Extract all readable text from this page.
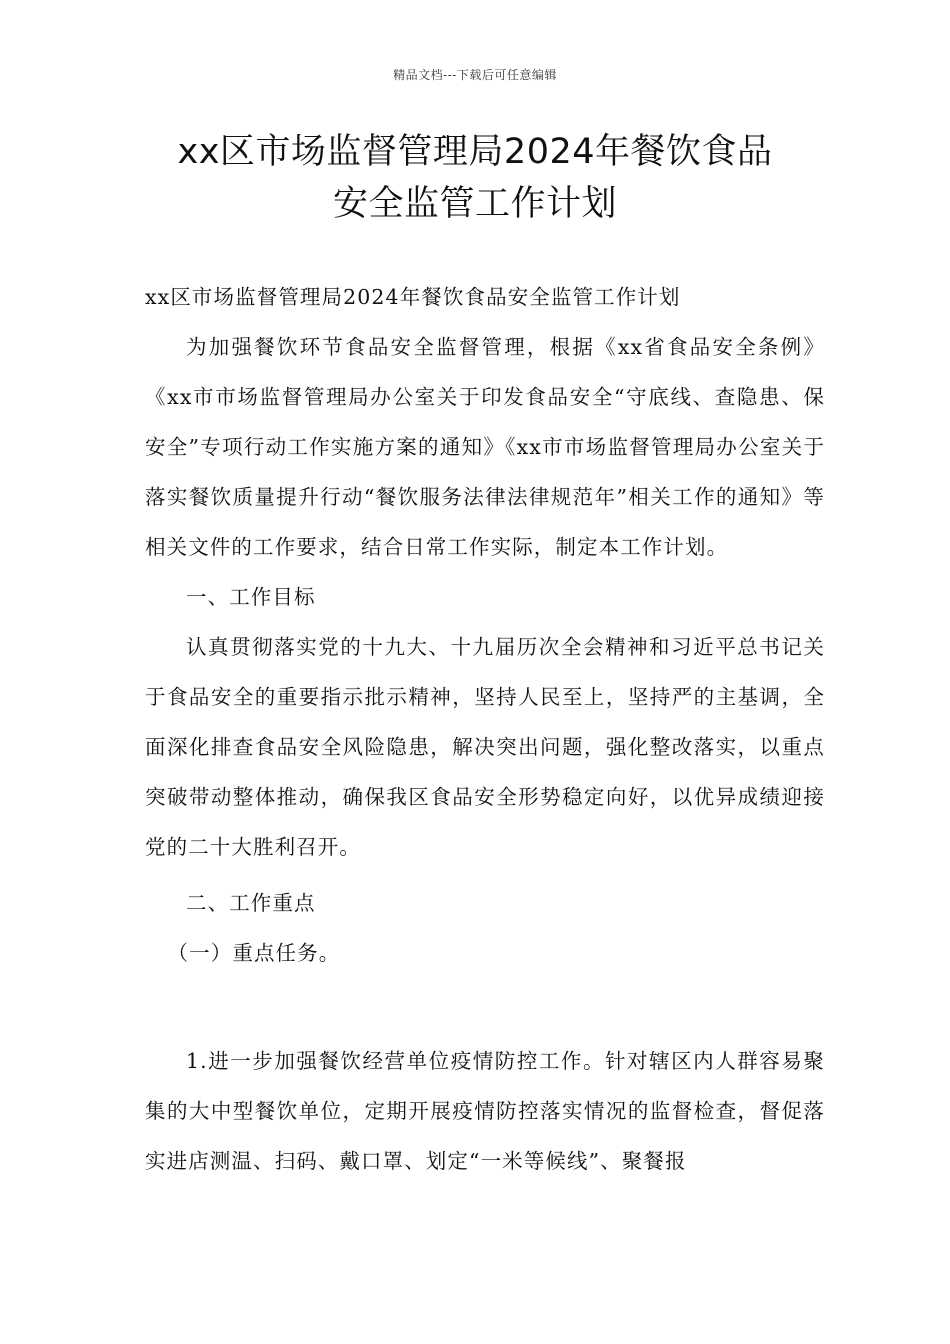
精品文档---下载后可任意编辑
xx区市场监督管理局2024年餐饮食品
安全监管工作计划

xx区市场监督管理局2024年餐饮食品安全监管工作计划

为加强餐饮环节食品安全监督管理，根据《xx省食品安全条例》《xx市市场监督管理局办公室关于印发食品安全“守底线、查隐患、保安全”专项行动工作实施方案的通知》《xx市市场监督管理局办公室关于落实餐饮质量提升行动“餐饮服务法律法律规范年”相关工作的通知》等相关文件的工作要求，结合日常工作实际，制定本工作计划。

一、工作目标

认真贯彻落实党的十九大、十九届历次全会精神和习近平总书记关于食品安全的重要指示批示精神，坚持人民至上，坚持严的主基调，全面深化排查食品安全风险隐患，解决突出问题，强化整改落实，以重点突破带动整体推动，确保我区食品安全形势稳定向好，以优异成绩迎接党的二十大胜利召开。

二、工作重点

（一）重点任务。

1.进一步加强餐饮经营单位疫情防控工作。针对辖区内人群容易聚集的大中型餐饮单位，定期开展疫情防控落实情况的监督检查，督促落实进店测温、扫码、戴口罩、划定“一米等候线”、聚餐报
